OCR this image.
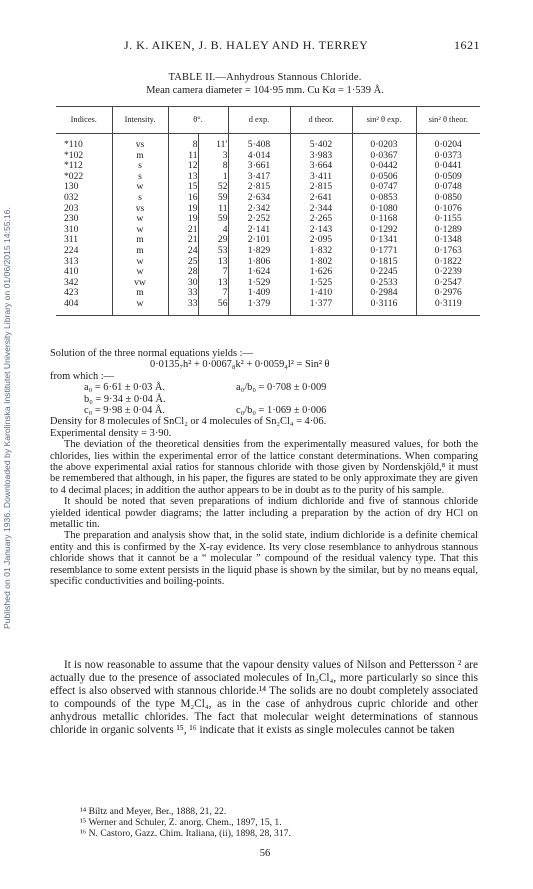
Published on 01 January 1936. Downloaded by Karolinska Institutet University Library on 01/06/2015 14:55:16.
J. K. AIKEN, J. B. HALEY AND H. TERREY	1621
TABLE II.—Anhydrous Stannous Chloride.
Mean camera diameter = 104·95 mm. Cu Kα = 1·539 Å.
Indices.	Intensity.	θ°.		d exp.	d theor.	sin² θ exp.	sin² θ theor.
*110	vs	8	11′	5·408	5·402	0·0203	0·0204
*102	m	11	3	4·014	3·983	0·0367	0·0373
*112	s	12	8	3·661	3·664	0·0442	0·0441
*022	s	13	1	3·417	3·411	0·0506	0·0509
130	w	15	52	2·815	2·815	0·0747	0·0748
032	s	16	59	2·634	2·641	0·0853	0·0850
203	vs	19	11	2·342	2·344	0·1080	0·1076
230	w	19	59	2·252	2·265	0·1168	0·1155
310	w	21	4	2·141	2·143	0·1292	0·1289
311	m	21	29	2·101	2·095	0·1341	0·1348
224	m	24	53	1·829	1·832	0·1771	0·1763
313	w	25	13	1·806	1·802	0·1815	0·1822
410	w	28	7	1·624	1·626	0·2245	0·2239
342	vw	30	13	1·529	1·525	0·2533	0·2547
423	m	33	7	1·409	1·410	0·2984	0·2976
404	w	33	56	1·379	1·377	0·3116	0·3119

Solution of the three normal equations yields :—

0·0135₇h² + 0·0067₈k² + 0·0059₄l² = Sin² θ

from which :—

a₀ = 6·61 ± 0·03 Å.	a₀/b₀ = 0·708 ± 0·009
b₀ = 9·34 ± 0·04 Å.
c₀ = 9·98 ± 0·04 Å.	c₀/b₀ = 1·069 ± 0·006

Density for 8 molecules of SnCl₂ or 4 molecules of Sn₂Cl₄ = 4·06.

Experimental density = 3·90.

The deviation of the theoretical densities from the experimentally measured values, for both the chlorides, lies within the experimental error of the lattice constant determinations. When comparing the above experimental axial ratios for stannous chloride with those given by Nordenskjöld,⁸ it must be remembered that although, in his paper, the figures are stated to be only approximate they are given to 4 decimal places; in addition the author appears to be in doubt as to the purity of his sample.

It should be noted that seven preparations of indium dichloride and five of stannous chloride yielded identical powder diagrams; the latter including a preparation by the action of dry HCl on metallic tin.

The preparation and analysis show that, in the solid state, indium dichloride is a definite chemical entity and this is confirmed by the X-ray evidence. Its very close resemblance to anhydrous stannous chloride shows that it cannot be a “ molecular ” compound of the residual valency type. That this resemblance to some extent persists in the liquid phase is shown by the similar, but by no means equal, specific conductivities and boiling-points.

It is now reasonable to assume that the vapour density values of Nilson and Pettersson ² are actually due to the presence of associated molecules of In₂Cl₄, more particularly so since this effect is also observed with stannous chloride.¹⁴ The solids are no doubt completely associated to compounds of the type M₂Cl₄, as in the case of anhydrous cupric chloride and other anhydrous metallic chlorides. The fact that molecular weight determinations of stannous chloride in organic solvents ¹⁵, ¹⁶ indicate that it exists as single molecules cannot be taken

¹⁴ Biltz and Meyer, Ber., 1888, 21, 22.
¹⁵ Werner and Schuler, Z. anorg. Chem., 1897, 15, 1.
¹⁶ N. Castoro, Gazz. Chim. Italiana, (ii), 1898, 28, 317.
56
